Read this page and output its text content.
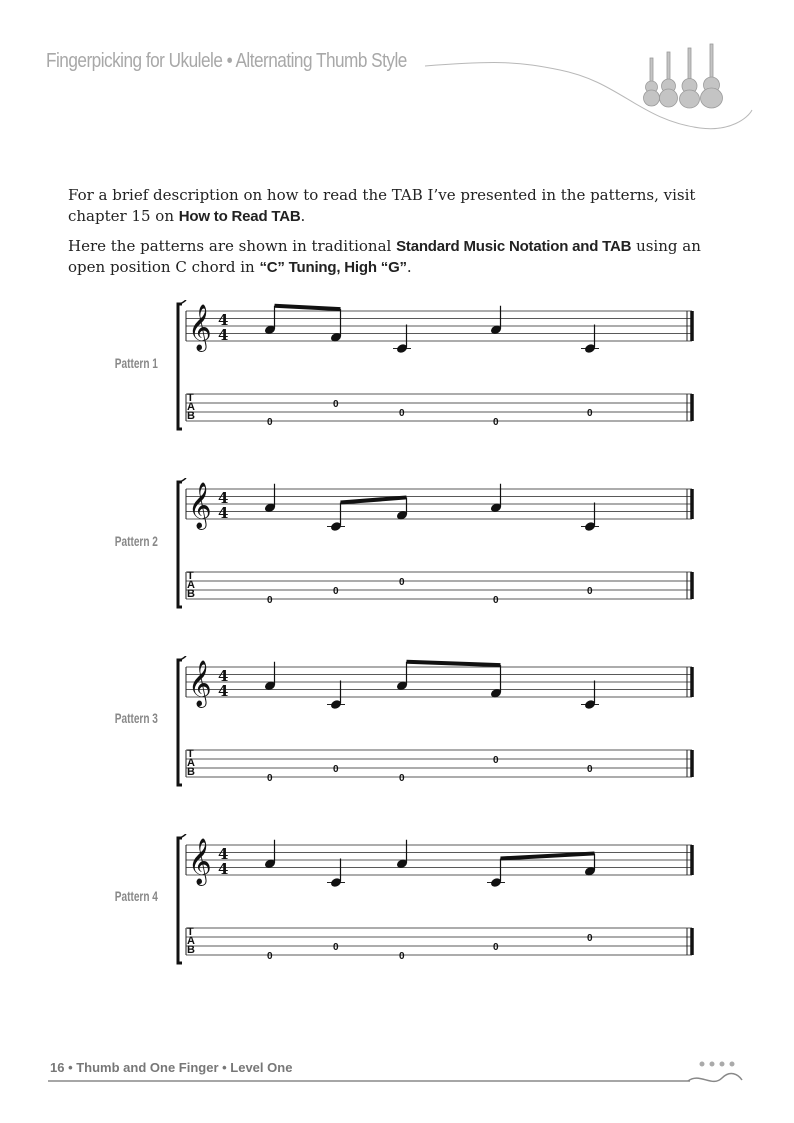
Fingerpicking for Ukulele • Alternating Thumb Style
For a brief description on how to read the TAB I’ve presented in the patterns, visit chapter 15 on How to Read TAB.
Here the patterns are shown in traditional Standard Music Notation and TAB using an open position C chord in “C” Tuning, High “G”.
Pattern 1
Pattern 2
Pattern 3
Pattern 4
𝄞 4
4
T
A
B
0
0
0
0
0
𝄞 4
4
T
A
B
0
0
0
0
0
𝄞 4
4
T
A
B
0
0
0
0
0
𝄞 4
4
T
A
B
0
0
0
0
0
16 • Thumb and One Finger • Level One
